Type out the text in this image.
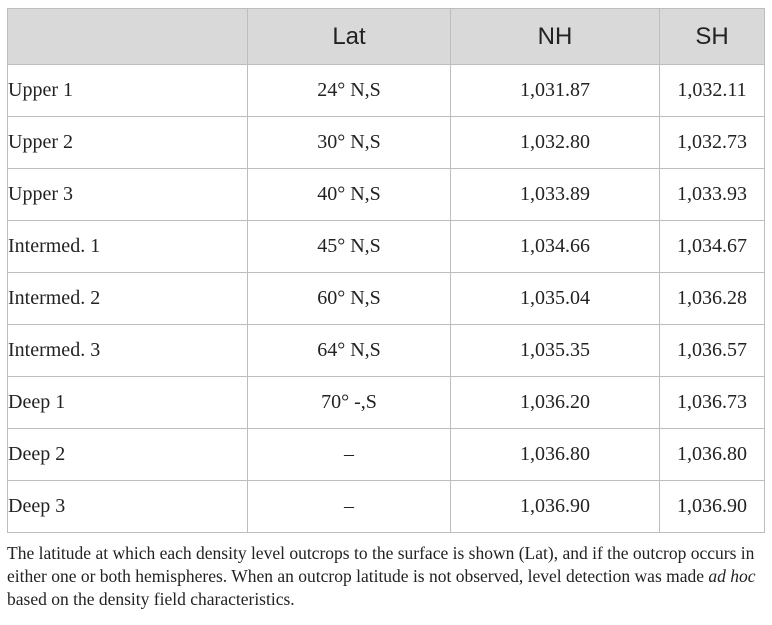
	Lat	NH	SH
Upper 1	24° N,S	1,031.87	1,032.11
Upper 2	30° N,S	1,032.80	1,032.73
Upper 3	40° N,S	1,033.89	1,033.93
Intermed. 1	45° N,S	1,034.66	1,034.67
Intermed. 2	60° N,S	1,035.04	1,036.28
Intermed. 3	64° N,S	1,035.35	1,036.57
Deep 1	70° -,S	1,036.20	1,036.73
Deep 2	–	1,036.80	1,036.80
Deep 3	–	1,036.90	1,036.90
The latitude at which each density level outcrops to the surface is shown (Lat), and if the outcrop occurs in either one or both hemispheres. When an outcrop latitude is not observed, level detection was made ad hoc based on the density field characteristics.
